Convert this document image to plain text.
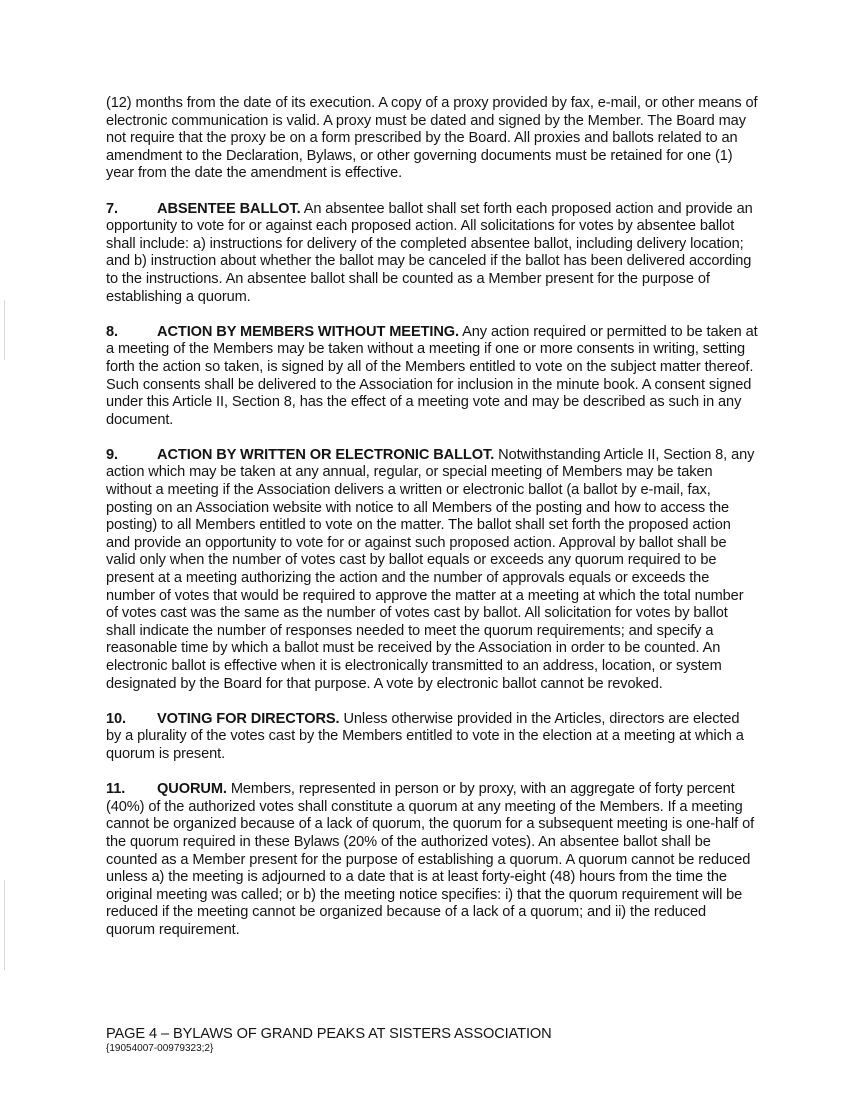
(12) months from the date of its execution. A copy of a proxy provided by fax, e-mail, or other means of electronic communication is valid. A proxy must be dated and signed by the Member. The Board may not require that the proxy be on a form prescribed by the Board. All proxies and ballots related to an amendment to the Declaration, Bylaws, or other governing documents must be retained for one (1) year from the date the amendment is effective.

7.	ABSENTEE BALLOT. An absentee ballot shall set forth each proposed action and provide an opportunity to vote for or against each proposed action. All solicitations for votes by absentee ballot shall include: a) instructions for delivery of the completed absentee ballot, including delivery location; and b) instruction about whether the ballot may be canceled if the ballot has been delivered according to the instructions. An absentee ballot shall be counted as a Member present for the purpose of establishing a quorum.

8.	ACTION BY MEMBERS WITHOUT MEETING. Any action required or permitted to be taken at a meeting of the Members may be taken without a meeting if one or more consents in writing, setting forth the action so taken, is signed by all of the Members entitled to vote on the subject matter thereof. Such consents shall be delivered to the Association for inclusion in the minute book. A consent signed under this Article II, Section 8, has the effect of a meeting vote and may be described as such in any document.

9.	ACTION BY WRITTEN OR ELECTRONIC BALLOT. Notwithstanding Article II, Section 8, any action which may be taken at any annual, regular, or special meeting of Members may be taken without a meeting if the Association delivers a written or electronic ballot (a ballot by e-mail, fax, posting on an Association website with notice to all Members of the posting and how to access the posting) to all Members entitled to vote on the matter. The ballot shall set forth the proposed action and provide an opportunity to vote for or against such proposed action. Approval by ballot shall be valid only when the number of votes cast by ballot equals or exceeds any quorum required to be present at a meeting authorizing the action and the number of approvals equals or exceeds the number of votes that would be required to approve the matter at a meeting at which the total number of votes cast was the same as the number of votes cast by ballot. All solicitation for votes by ballot shall indicate the number of responses needed to meet the quorum requirements; and specify a reasonable time by which a ballot must be received by the Association in order to be counted. An electronic ballot is effective when it is electronically transmitted to an address, location, or system designated by the Board for that purpose. A vote by electronic ballot cannot be revoked.

10. VOTING FOR DIRECTORS. Unless otherwise provided in the Articles, directors are elected by a plurality of the votes cast by the Members entitled to vote in the election at a meeting at which a quorum is present.

11. QUORUM. Members, represented in person or by proxy, with an aggregate of forty percent (40%) of the authorized votes shall constitute a quorum at any meeting of the Members. If a meeting cannot be organized because of a lack of quorum, the quorum for a subsequent meeting is one-half of the quorum required in these Bylaws (20% of the authorized votes). An absentee ballot shall be counted as a Member present for the purpose of establishing a quorum. A quorum cannot be reduced unless a) the meeting is adjourned to a date that is at least forty-eight (48) hours from the time the original meeting was called; or b) the meeting notice specifies: i) that the quorum requirement will be reduced if the meeting cannot be organized because of a lack of a quorum; and ii) the reduced quorum requirement.

PAGE 4 – BYLAWS OF GRAND PEAKS AT SISTERS ASSOCIATION
{19054007-00979323;2}
